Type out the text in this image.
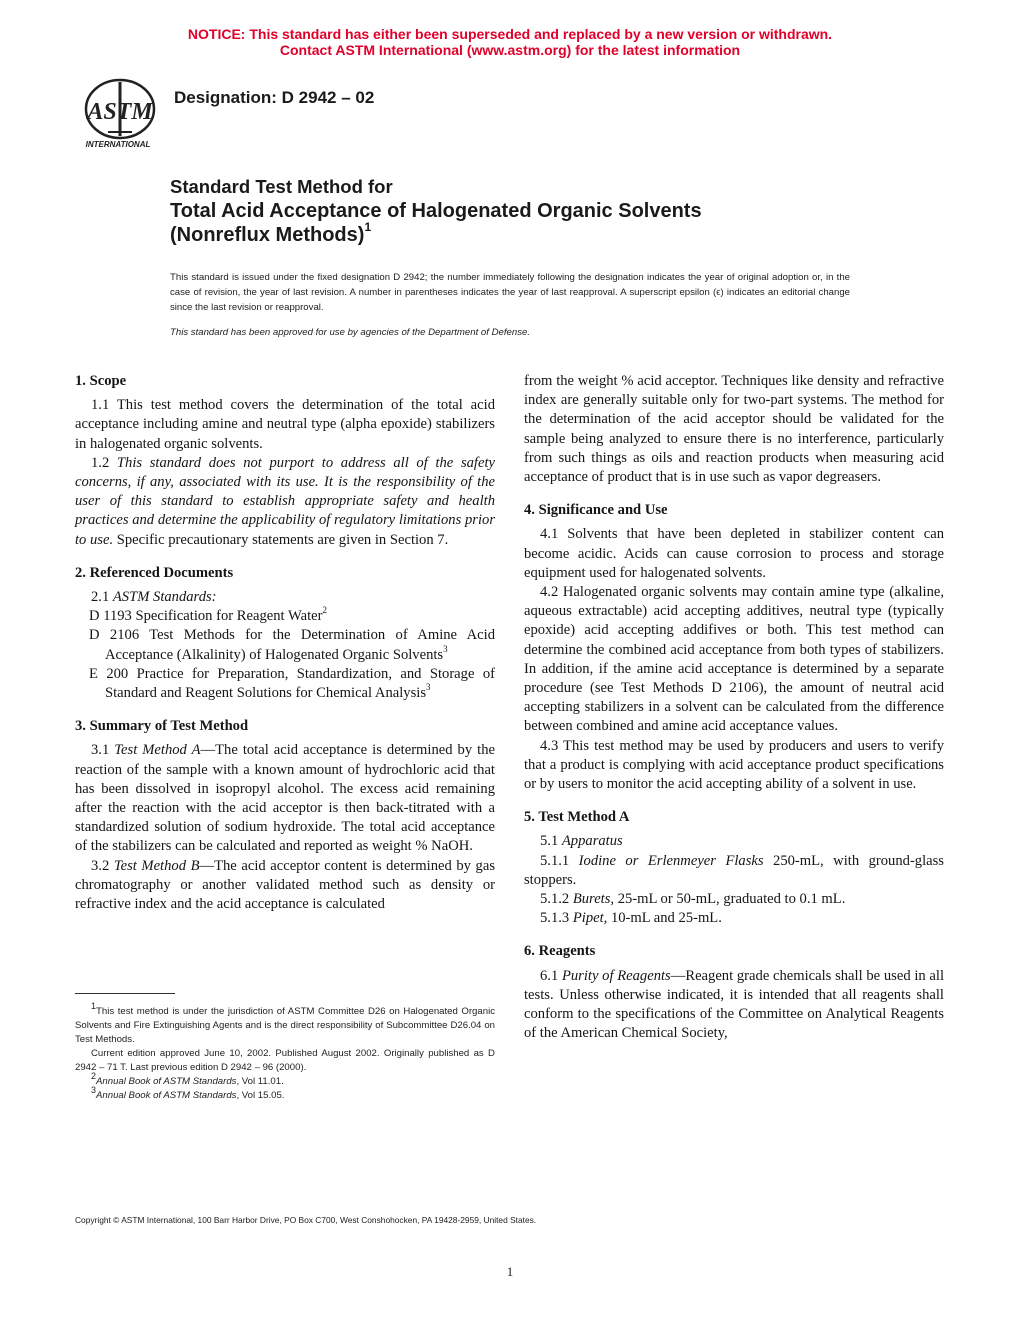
NOTICE: This standard has either been superseded and replaced by a new version or withdrawn.
Contact ASTM International (www.astm.org) for the latest information
ASTM
INTERNATIONAL
Designation: D 2942 – 02
Standard Test Method for
Total Acid Acceptance of Halogenated Organic Solvents
(Nonreflux Methods)$^1$
This standard is issued under the fixed designation D 2942; the number immediately following the designation indicates the year of original adoption or, in the case of revision, the year of last revision. A number in parentheses indicates the year of last reapproval. A superscript epsilon (ϵ) indicates an editorial change since the last revision or reapproval.
This standard has been approved for use by agencies of the Department of Defense.
1. Scope
1.1 This test method covers the determination of the total acid acceptance including amine and neutral type (alpha epoxide) stabilizers in halogenated organic solvents.
1.2 This standard does not purport to address all of the safety concerns, if any, associated with its use. It is the responsibility of the user of this standard to establish appropriate safety and health practices and determine the applicability of regulatory limitations prior to use. Specific precautionary statements are given in Section 7.
2. Referenced Documents
2.1 ASTM Standards:
D 1193 Specification for Reagent Water$^2$
D 2106 Test Methods for the Determination of Amine Acid Acceptance (Alkalinity) of Halogenated Organic Solvents$^3$
E 200 Practice for Preparation, Standardization, and Storage of Standard and Reagent Solutions for Chemical Analysis$^3$
3. Summary of Test Method
3.1 Test Method A—The total acid acceptance is determined by the reaction of the sample with a known amount of hydrochloric acid that has been dissolved in isopropyl alcohol. The excess acid remaining after the reaction with the acid acceptor is then back-titrated with a standardized solution of sodium hydroxide. The total acid acceptance of the stabilizers can be calculated and reported as weight % NaOH.
3.2 Test Method B—The acid acceptor content is determined by gas chromatography or another validated method such as density or refractive index and the acid acceptance is calculated
from the weight % acid acceptor. Techniques like density and refractive index are generally suitable only for two-part systems. The method for the determination of the acid acceptor should be validated for the sample being analyzed to ensure there is no interference, particularly from such things as oils and reaction products when measuring acid acceptance of product that is in use such as vapor degreasers.
4. Significance and Use
4.1 Solvents that have been depleted in stabilizer content can become acidic. Acids can cause corrosion to process and storage equipment used for halogenated solvents.
4.2 Halogenated organic solvents may contain amine type (alkaline, aqueous extractable) acid accepting additives, neutral type (typically epoxide) acid accepting addifives or both. This test method can determine the combined acid acceptance from both types of stabilizers. In addition, if the amine acid acceptance is determined by a separate procedure (see Test Methods D 2106), the amount of neutral acid accepting stabilizers in a solvent can be calculated from the difference between combined and amine acid acceptance values.
4.3 This test method may be used by producers and users to verify that a product is complying with acid acceptance product specifications or by users to monitor the acid accepting ability of a solvent in use.
5. Test Method A
5.1 Apparatus
5.1.1 Iodine or Erlenmeyer Flasks 250-mL, with ground-glass stoppers.
5.1.2 Burets, 25-mL or 50-mL, graduated to 0.1 mL.
5.1.3 Pipet, 10-mL and 25-mL.
6. Reagents
6.1 Purity of Reagents—Reagent grade chemicals shall be used in all tests. Unless otherwise indicated, it is intended that all reagents shall conform to the specifications of the Committee on Analytical Reagents of the American Chemical Society,
$^1$This test method is under the jurisdiction of ASTM Committee D26 on Halogenated Organic Solvents and Fire Extinguishing Agents and is the direct responsibility of Subcommittee D26.04 on Test Methods.
Current edition approved June 10, 2002. Published August 2002. Originally published as D 2942 – 71 T. Last previous edition D 2942 – 96 (2000).
$^2$Annual Book of ASTM Standards, Vol 11.01.
$^3$Annual Book of ASTM Standards, Vol 15.05.
Copyright © ASTM International, 100 Barr Harbor Drive, PO Box C700, West Conshohocken, PA 19428-2959, United States.
1
